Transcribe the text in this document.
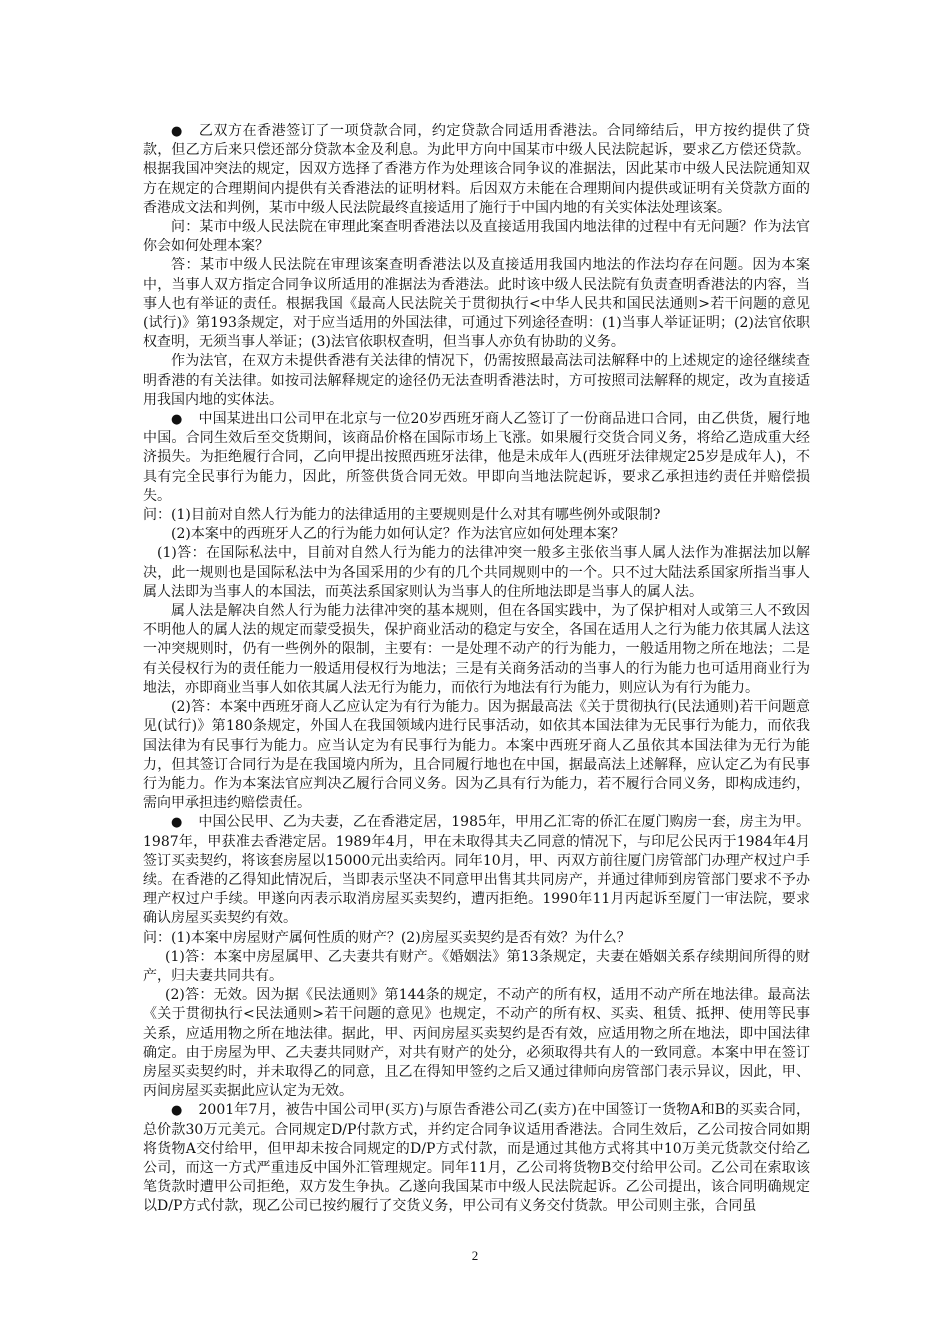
● 乙双方在香港签订了一项贷款合同，约定贷款合同适用香港法。合同缔结后，甲方按约提供了贷款，但乙方后来只偿还部分贷款本金及利息。为此甲方向中国某市中级人民法院起诉，要求乙方偿还贷款。根据我国冲突法的规定，因双方选择了香港方作为处理该合同争议的准据法，因此某市中级人民法院通知双方在规定的合理期间内提供有关香港法的证明材料。后因双方未能在合理期间内提供或证明有关贷款方面的香港成文法和判例，某市中级人民法院最终直接适用了施行于中国内地的有关实体法处理该案。

问：某市中级人民法院在审理此案查明香港法以及直接适用我国内地法律的过程中有无问题？作为法官你会如何处理本案？

答：某市中级人民法院在审理该案查明香港法以及直接适用我国内地法的作法均存在问题。因为本案中，当事人双方指定合同争议所适用的准据法为香港法。此时该中级人民法院有负责查明香港法的内容，当事人也有举证的责任。根据我国《最高人民法院关于贯彻执行<中华人民共和国民法通则>若干问题的意见(试行)》第193条规定，对于应当适用的外国法律，可通过下列途径查明：(1)当事人举证证明；(2)法官依职权查明，无须当事人举证；(3)法官依职权查明，但当事人亦负有协助的义务。

作为法官，在双方未提供香港有关法律的情况下，仍需按照最高法司法解释中的上述规定的途径继续查明香港的有关法律。如按司法解释规定的途径仍无法查明香港法时，方可按照司法解释的规定，改为直接适用我国内地的实体法。

● 中国某进出口公司甲在北京与一位20岁西班牙商人乙签订了一份商品进口合同，由乙供货，履行地中国。合同生效后至交货期间，该商品价格在国际市场上飞涨。如果履行交货合同义务，将给乙造成重大经济损失。为拒绝履行合同，乙向甲提出按照西班牙法律，他是未成年人(西班牙法律规定25岁是成年人)，不具有完全民事行为能力，因此，所签供货合同无效。甲即向当地法院起诉，要求乙承担违约责任并赔偿损失。

问：(1)目前对自然人行为能力的法律适用的主要规则是什么对其有哪些例外或限制?

(2)本案中的西班牙人乙的行为能力如何认定？作为法官应如何处理本案？

(1)答：在国际私法中，目前对自然人行为能力的法律冲突一般多主张依当事人属人法作为准据法加以解决，此一规则也是国际私法中为各国采用的少有的几个共同规则中的一个。只不过大陆法系国家所指当事人属人法即为当事人的本国法，而英法系国家则认为当事人的住所地法即是当事人的属人法。

属人法是解决自然人行为能力法律冲突的基本规则，但在各国实践中，为了保护相对人或第三人不致因不明他人的属人法的规定而蒙受损失，保护商业活动的稳定与安全，各国在适用人之行为能力依其属人法这一冲突规则时，仍有一些例外的限制，主要有：一是处理不动产的行为能力，一般适用物之所在地法；二是有关侵权行为的责任能力一般适用侵权行为地法；三是有关商务活动的当事人的行为能力也可适用商业行为地法，亦即商业当事人如依其属人法无行为能力，而依行为地法有行为能力，则应认为有行为能力。

(2)答：本案中西班牙商人乙应认定为有行为能力。因为据最高法《关于贯彻执行(民法通则)若干问题意见(试行)》第180条规定，外国人在我国领域内进行民事活动，如依其本国法律为无民事行为能力，而依我国法律为有民事行为能力。应当认定为有民事行为能力。本案中西班牙商人乙虽依其本国法律为无行为能力，但其签订合同行为是在我国境内所为，且合同履行地也在中国，据最高法上述解释，应认定乙为有民事行为能力。作为本案法官应判决乙履行合同义务。因为乙具有行为能力，若不履行合同义务，即构成违约，需向甲承担违约赔偿责任。

● 中国公民甲、乙为夫妻，乙在香港定居，1985年，甲用乙汇寄的侨汇在厦门购房一套，房主为甲。1987年，甲获准去香港定居。1989年4月，甲在未取得其夫乙同意的情况下，与印尼公民丙于1984年4月签订买卖契约，将该套房屋以15000元出卖给丙。同年10月，甲、丙双方前往厦门房管部门办理产权过户手续。在香港的乙得知此情况后，当即表示坚决不同意甲出售其共同房产，并通过律师到房管部门要求不予办理产权过户手续。甲遂向丙表示取消房屋买卖契约，遭丙拒绝。1990年11月丙起诉至厦门一审法院，要求确认房屋买卖契约有效。

问：(1)本案中房屋财产属何性质的财产？(2)房屋买卖契约是否有效？为什么？

(1)答：本案中房屋属甲、乙夫妻共有财产。《婚姻法》第13条规定，夫妻在婚姻关系存续期间所得的财产，归夫妻共同共有。

(2)答：无效。因为据《民法通则》第144条的规定，不动产的所有权，适用不动产所在地法律。最高法《关于贯彻执行<民法通则>若干问题的意见》也规定，不动产的所有权、买卖、租赁、抵押、使用等民事关系，应适用物之所在地法律。据此，甲、丙间房屋买卖契约是否有效，应适用物之所在地法，即中国法律确定。由于房屋为甲、乙夫妻共同财产，对共有财产的处分，必须取得共有人的一致同意。本案中甲在签订房屋买卖契约时，并未取得乙的同意，且乙在得知甲签约之后又通过律师向房管部门表示异议，因此，甲、丙间房屋买卖据此应认定为无效。

● 2001年7月，被告中国公司甲(买方)与原告香港公司乙(卖方)在中国签订一货物A和B的买卖合同，总价款30万元美元。合同规定D/P付款方式，并约定合同争议适用香港法。合同生效后，乙公司按合同如期将货物A交付给甲，但甲却未按合同规定的D/P方式付款，而是通过其他方式将其中10万美元货款交付给乙公司，而这一方式严重违反中国外汇管理规定。同年11月，乙公司将货物B交付给甲公司。乙公司在索取该笔货款时遭甲公司拒绝，双方发生争执。乙遂向我国某市中级人民法院起诉。乙公司提出，该合同明确规定以D/P方式付款，现乙公司已按约履行了交货义务，甲公司有义务交付货款。甲公司则主张，合同虽

2
